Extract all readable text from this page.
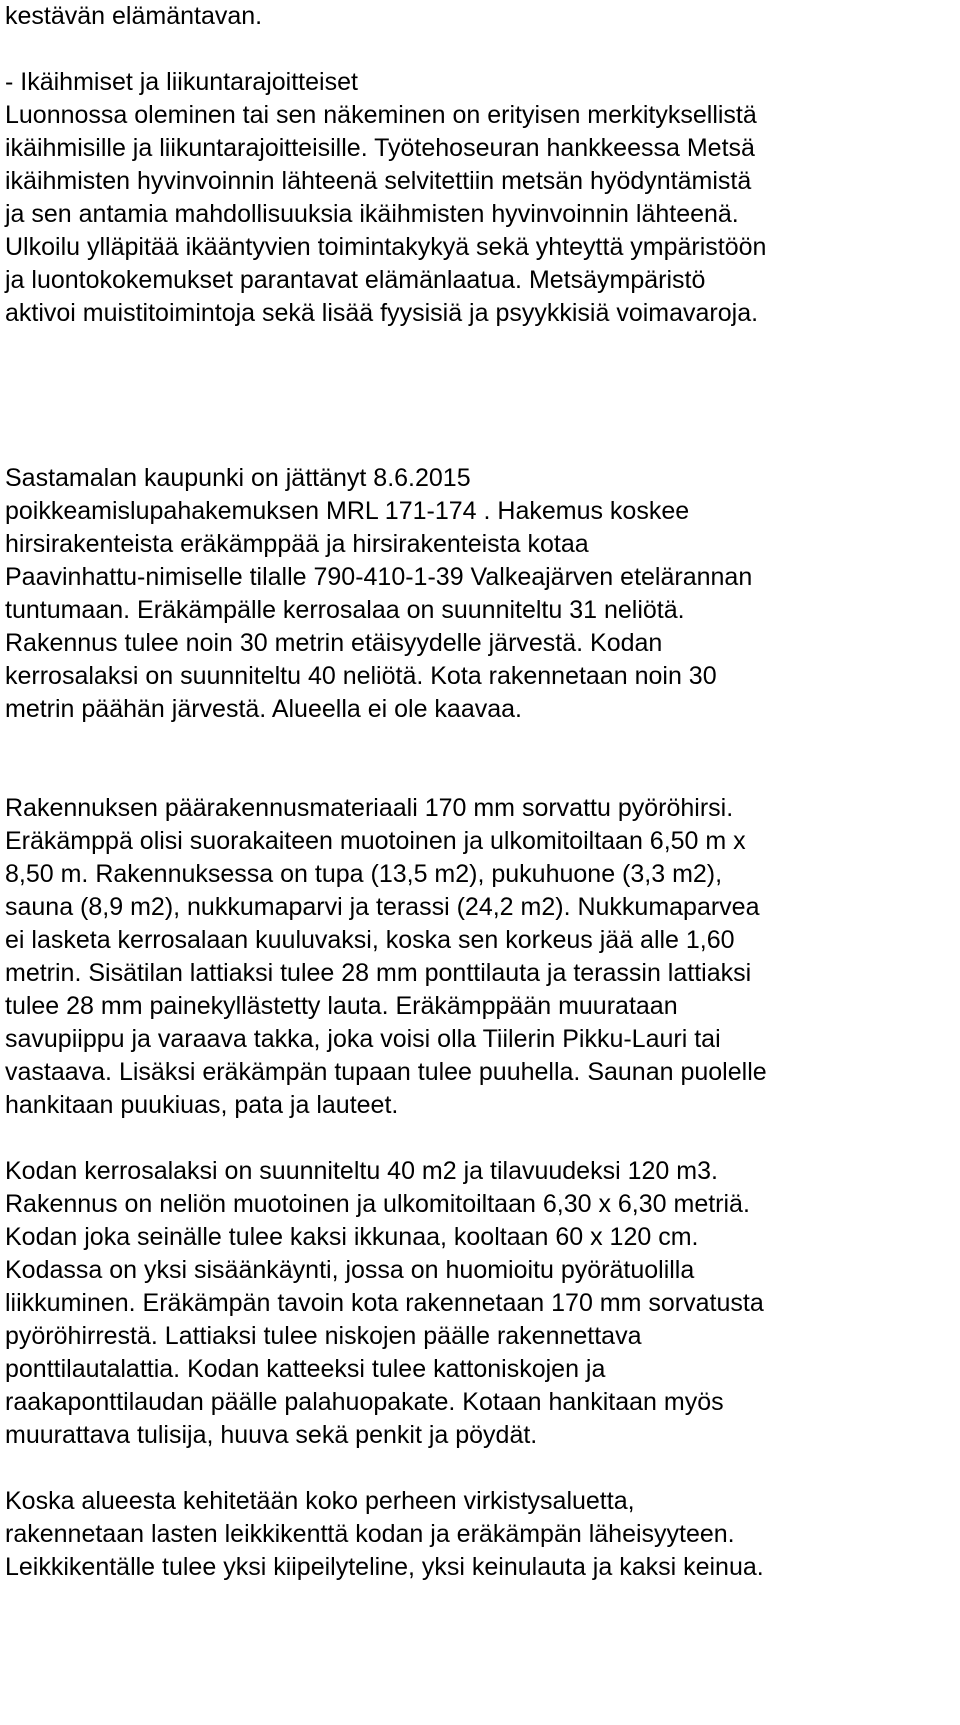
kestävän elämäntavan.
- Ikäihmiset ja liikuntarajoitteiset
Luonnossa oleminen tai sen näkeminen on erityisen merkityksellistä
ikäihmisille ja liikuntarajoitteisille. Työtehoseuran hankkeessa Metsä
ikäihmisten hyvinvoinnin lähteenä selvitettiin metsän hyödyntämistä
ja sen antamia mahdollisuuksia ikäihmisten hyvinvoinnin lähteenä.
Ulkoilu ylläpitää ikääntyvien toimintakykyä sekä yhteyttä ympäristöön
ja luontokokemukset parantavat elämänlaatua. Metsäympäristö
aktivoi muistitoimintoja sekä lisää fyysisiä ja psyykkisiä voimavaroja.
Sastamalan kaupunki on jättänyt 8.6.2015
poikkeamislupahakemuksen MRL 171-174 . Hakemus koskee
hirsirakenteista eräkämppää ja hirsirakenteista kotaa
Paavinhattu-nimiselle tilalle 790-410-1-39 Valkeajärven etelärannan
tuntumaan. Eräkämpälle kerrosalaa on suunniteltu 31 neliötä.
Rakennus tulee noin 30 metrin etäisyydelle järvestä. Kodan
kerrosalaksi on suunniteltu 40 neliötä. Kota rakennetaan noin 30
metrin päähän järvestä. Alueella ei ole kaavaa.
Rakennuksen päärakennusmateriaali 170 mm sorvattu pyöröhirsi.
Eräkämppä olisi suorakaiteen muotoinen ja ulkomitoiltaan 6,50 m x
8,50 m. Rakennuksessa on tupa (13,5 m2), pukuhuone (3,3 m2),
sauna (8,9 m2), nukkumaparvi ja terassi (24,2 m2). Nukkumaparvea
ei lasketa kerrosalaan kuuluvaksi, koska sen korkeus jää alle 1,60
metrin. Sisätilan lattiaksi tulee 28 mm ponttilauta ja terassin lattiaksi
tulee 28 mm painekyllästetty lauta. Eräkämppään muurataan
savupiippu ja varaava takka, joka voisi olla Tiilerin Pikku-Lauri tai
vastaava. Lisäksi eräkämpän tupaan tulee puuhella. Saunan puolelle
hankitaan puukiuas, pata ja lauteet.
Kodan kerrosalaksi on suunniteltu 40 m2 ja tilavuudeksi 120 m3.
Rakennus on neliön muotoinen ja ulkomitoiltaan 6,30 x 6,30 metriä.
Kodan joka seinälle tulee kaksi ikkunaa, kooltaan 60 x 120 cm.
Kodassa on yksi sisäänkäynti, jossa on huomioitu pyörätuolilla
liikkuminen. Eräkämpän tavoin kota rakennetaan 170 mm sorvatusta
pyöröhirrestä. Lattiaksi tulee niskojen päälle rakennettava
ponttilautalattia. Kodan katteeksi tulee kattoniskojen ja
raakaponttilaudan päälle palahuopakate. Kotaan hankitaan myös
muurattava tulisija, huuva sekä penkit ja pöydät.
Koska alueesta kehitetään koko perheen virkistysaluetta,
rakennetaan lasten leikkikenttä kodan ja eräkämpän läheisyyteen.
Leikkikentälle tulee yksi kiipeilyteline, yksi keinulauta ja kaksi keinua.
